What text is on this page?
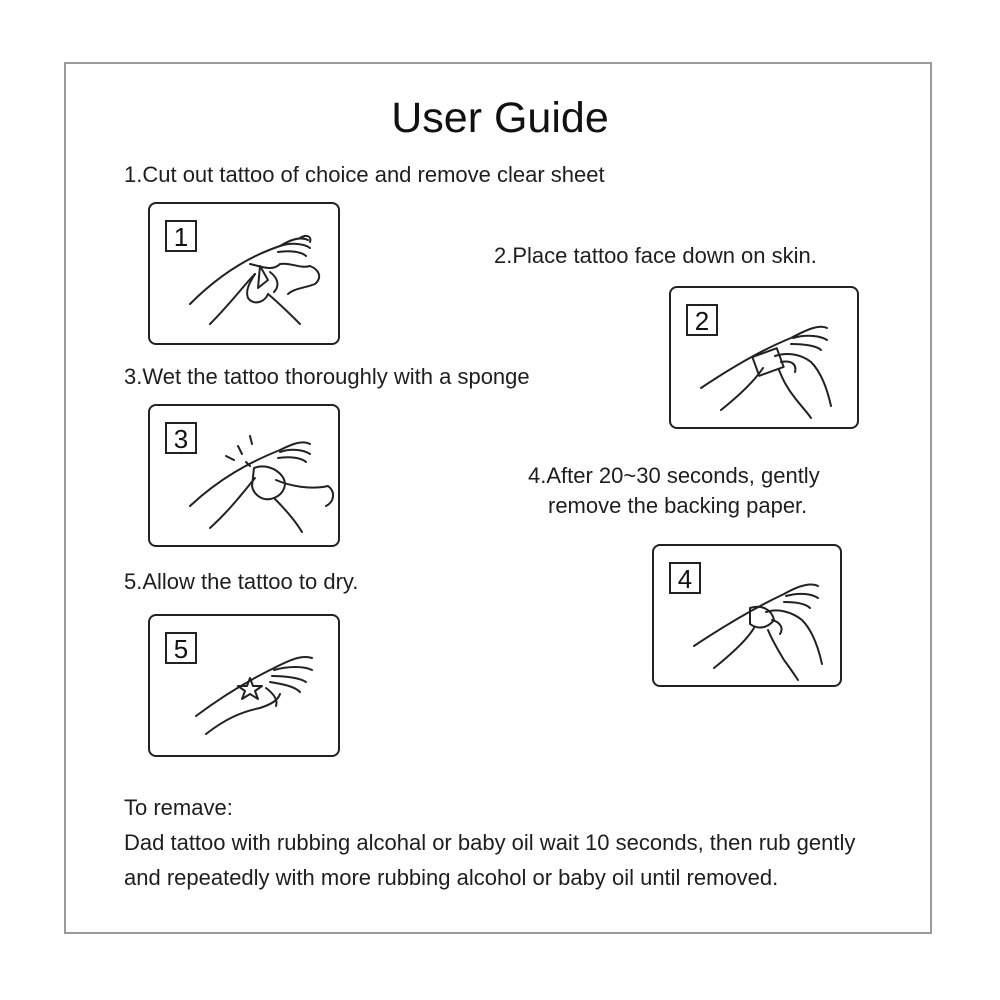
User Guide
1.Cut out tattoo of choice and remove clear sheet
1
2.Place tattoo face down on skin.
2
3.Wet the tattoo thoroughly with a sponge
3
4.After 20~30 seconds, gently
remove the backing paper.
4
5.Allow the tattoo to dry.
5
To remave:
Dad tattoo with rubbing alcohal or baby oil wait 10 seconds, then rub gently
and repeatedly with more rubbing alcohol or baby oil until removed.
